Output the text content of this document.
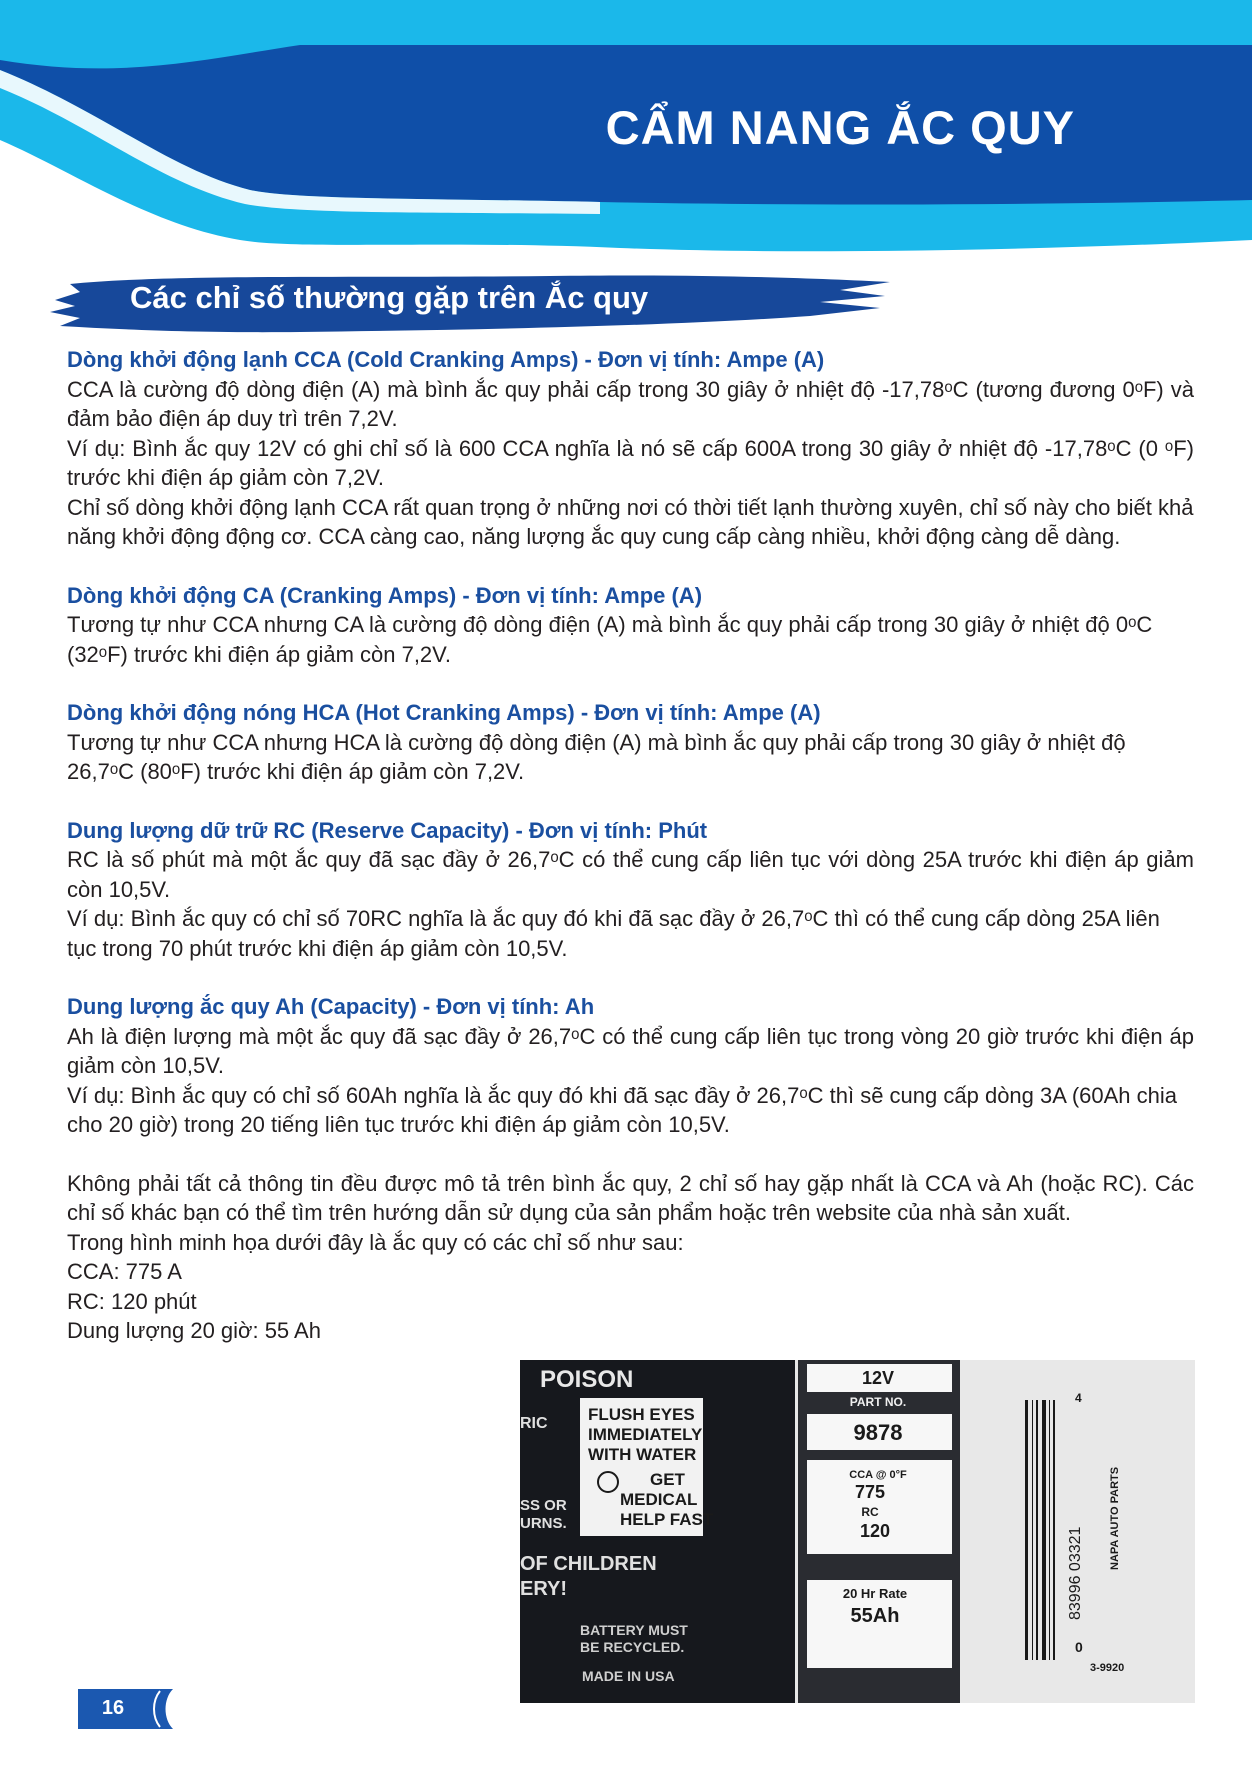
CẨM NANG ẮC QUY
Các chỉ số thường gặp trên Ắc quy
Dòng khởi động lạnh CCA (Cold Cranking Amps) - Đơn vị tính: Ampe (A)

CCA là cường độ dòng điện (A) mà bình ắc quy phải cấp trong 30 giây ở nhiệt độ -17,78ᵒC (tương đương 0ᵒF) và đảm bảo điện áp duy trì trên 7,2V.

Ví dụ: Bình ắc quy 12V có ghi chỉ số là 600 CCA nghĩa là nó sẽ cấp 600A trong 30 giây ở nhiệt độ -17,78ᵒC (0 ᵒF) trước khi điện áp giảm còn 7,2V.

Chỉ số dòng khởi động lạnh CCA rất quan trọng ở những nơi có thời tiết lạnh thường xuyên, chỉ số này cho biết khả năng khởi động động cơ. CCA càng cao, năng lượng ắc quy cung cấp càng nhiều, khởi động càng dễ dàng.

Dòng khởi động CA (Cranking Amps) - Đơn vị tính: Ampe (A)

Tương tự như CCA nhưng CA là cường độ dòng điện (A) mà bình ắc quy phải cấp trong 30 giây ở nhiệt độ 0ᵒC (32ᵒF) trước khi điện áp giảm còn 7,2V.

Dòng khởi động nóng HCA (Hot Cranking Amps) - Đơn vị tính: Ampe (A)

Tương tự như CCA nhưng HCA là cường độ dòng điện (A) mà bình ắc quy phải cấp trong 30 giây ở nhiệt độ 26,7ᵒC (80ᵒF) trước khi điện áp giảm còn 7,2V.

Dung lượng dữ trữ RC (Reserve Capacity) - Đơn vị tính: Phút

RC là số phút mà một ắc quy đã sạc đầy ở 26,7ᵒC có thể cung cấp liên tục với dòng 25A trước khi điện áp giảm còn 10,5V.

Ví dụ: Bình ắc quy có chỉ số 70RC nghĩa là ắc quy đó khi đã sạc đầy ở 26,7ᵒC thì có thể cung cấp dòng 25A liên tục trong 70 phút trước khi điện áp giảm còn 10,5V.

Dung lượng ắc quy Ah (Capacity) - Đơn vị tính: Ah

Ah là điện lượng mà một ắc quy đã sạc đầy ở 26,7ᵒC có thể cung cấp liên tục trong vòng 20 giờ trước khi điện áp giảm còn 10,5V.

Ví dụ: Bình ắc quy có chỉ số 60Ah nghĩa là ắc quy đó khi đã sạc đầy ở 26,7ᵒC thì sẽ cung cấp dòng 3A (60Ah chia cho 20 giờ) trong 20 tiếng liên tục trước khi điện áp giảm còn 10,5V.

Không phải tất cả thông tin đều được mô tả trên bình ắc quy, 2 chỉ số hay gặp nhất là CCA và Ah (hoặc RC). Các chỉ số khác bạn có thể tìm trên hướng dẫn sử dụng của sản phẩm hoặc trên website của nhà sản xuất.

Trong hình minh họa dưới đây là ắc quy có các chỉ số như sau:

CCA: 775 A

RC: 120 phút

Dung lượng 20 giờ: 55 Ah

POISON
RIC
SS OR
URNS.
FLUSH EYES
IMMEDIATELY
WITH WATER
GET
MEDICAL
HELP FAST
OF CHILDREN
ERY!
BATTERY MUST
BE RECYCLED.
MADE IN USA
12V
PART NO.
9878
CCA @ 0°F
775
RC
120
20 Hr Rate
55Ah	83996 03321
0
4
NAPA AUTO PARTS
3-9920
16
